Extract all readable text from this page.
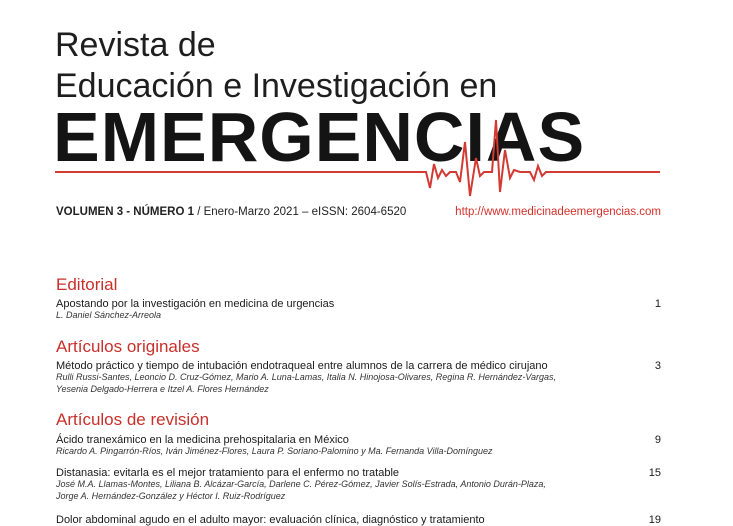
Revista de
Educación e Investigación en
EMERGENCIAS
VOLUMEN 3 - NÚMERO 1 / Enero-Marzo 2021 – eISSN: 2604-6520	http://www.medicinadeemergencias.com
Editorial
Apostando por la investigación en medicina de urgencias	1
L. Daniel Sánchez-Arreola
Artículos originales
Método práctico y tiempo de intubación endotraqueal entre alumnos de la carrera de médico cirujano	3
Rulli Russi-Santes, Leoncio D. Cruz-Gómez, Mario A. Luna-Lamas, Italia N. Hinojosa-Olivares, Regina R. Hernández-Vargas,
Yesenia Delgado-Herrera e Itzel A. Flores Hernández
Artículos de revisión
Ácido tranexámico en la medicina prehospitalaria en México	9
Ricardo A. Pingarrón-Ríos, Iván Jiménez-Flores, Laura P. Soriano-Palomino y Ma. Fernanda Villa-Domínguez
Distanasia: evitarla es el mejor tratamiento para el enfermo no tratable	15
José M.A. Llamas-Montes, Liliana B. Alcázar-García, Darlene C. Pérez-Gómez, Javier Solís-Estrada, Antonio Durán-Plaza,
Jorge A. Hernández-González y Héctor I. Ruiz-Rodríguez
Dolor abdominal agudo en el adulto mayor: evaluación clínica, diagnóstico y tratamiento	19
